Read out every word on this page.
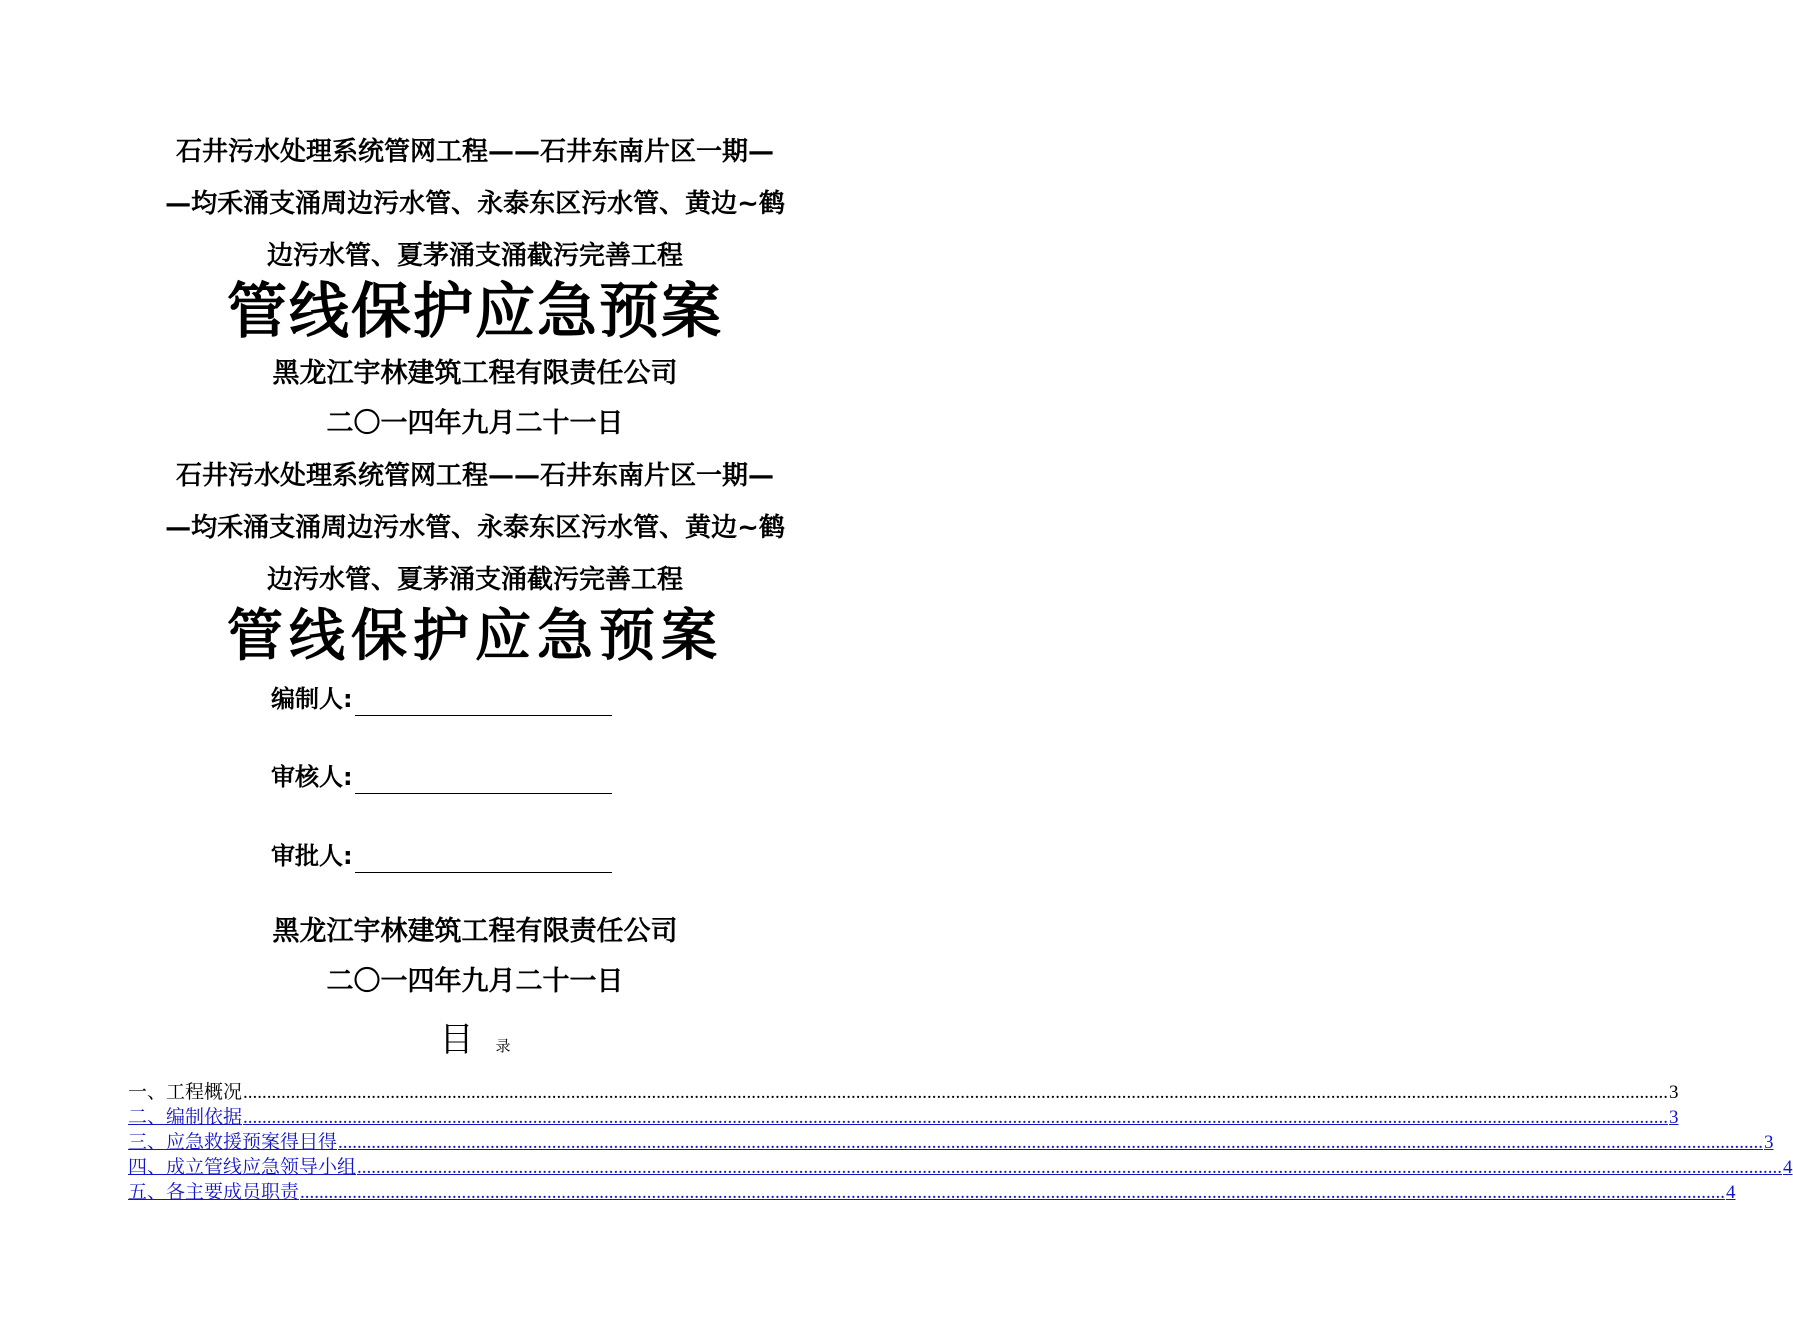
石井污水处理系统管网工程——石井东南片区一期—
—均禾涌支涌周边污水管、永泰东区污水管、黄边~鹤
边污水管、夏茅涌支涌截污完善工程
管线保护应急预案
黑龙江宇林建筑工程有限责任公司
二〇一四年九月二十一日
石井污水处理系统管网工程——石井东南片区一期—
—均禾涌支涌周边污水管、永泰东区污水管、黄边~鹤
边污水管、夏茅涌支涌截污完善工程
管线保护应急预案
编制人:
审核人:
审批人:
黑龙江宇林建筑工程有限责任公司
二〇一四年九月二十一日
目 录
一、工程概况 ............................................................................................................................................................................................................................................................................................................ 3
二、编制依据 ............................................................................................................................................................................................................................................................................................................ 3
三、应急救援预案得目得 ............................................................................................................................................................................................................................................................................................................ 3
四、成立管线应急领导小组 ............................................................................................................................................................................................................................................................................................................ 4
五、各主要成员职责 ............................................................................................................................................................................................................................................................................................................ 4
